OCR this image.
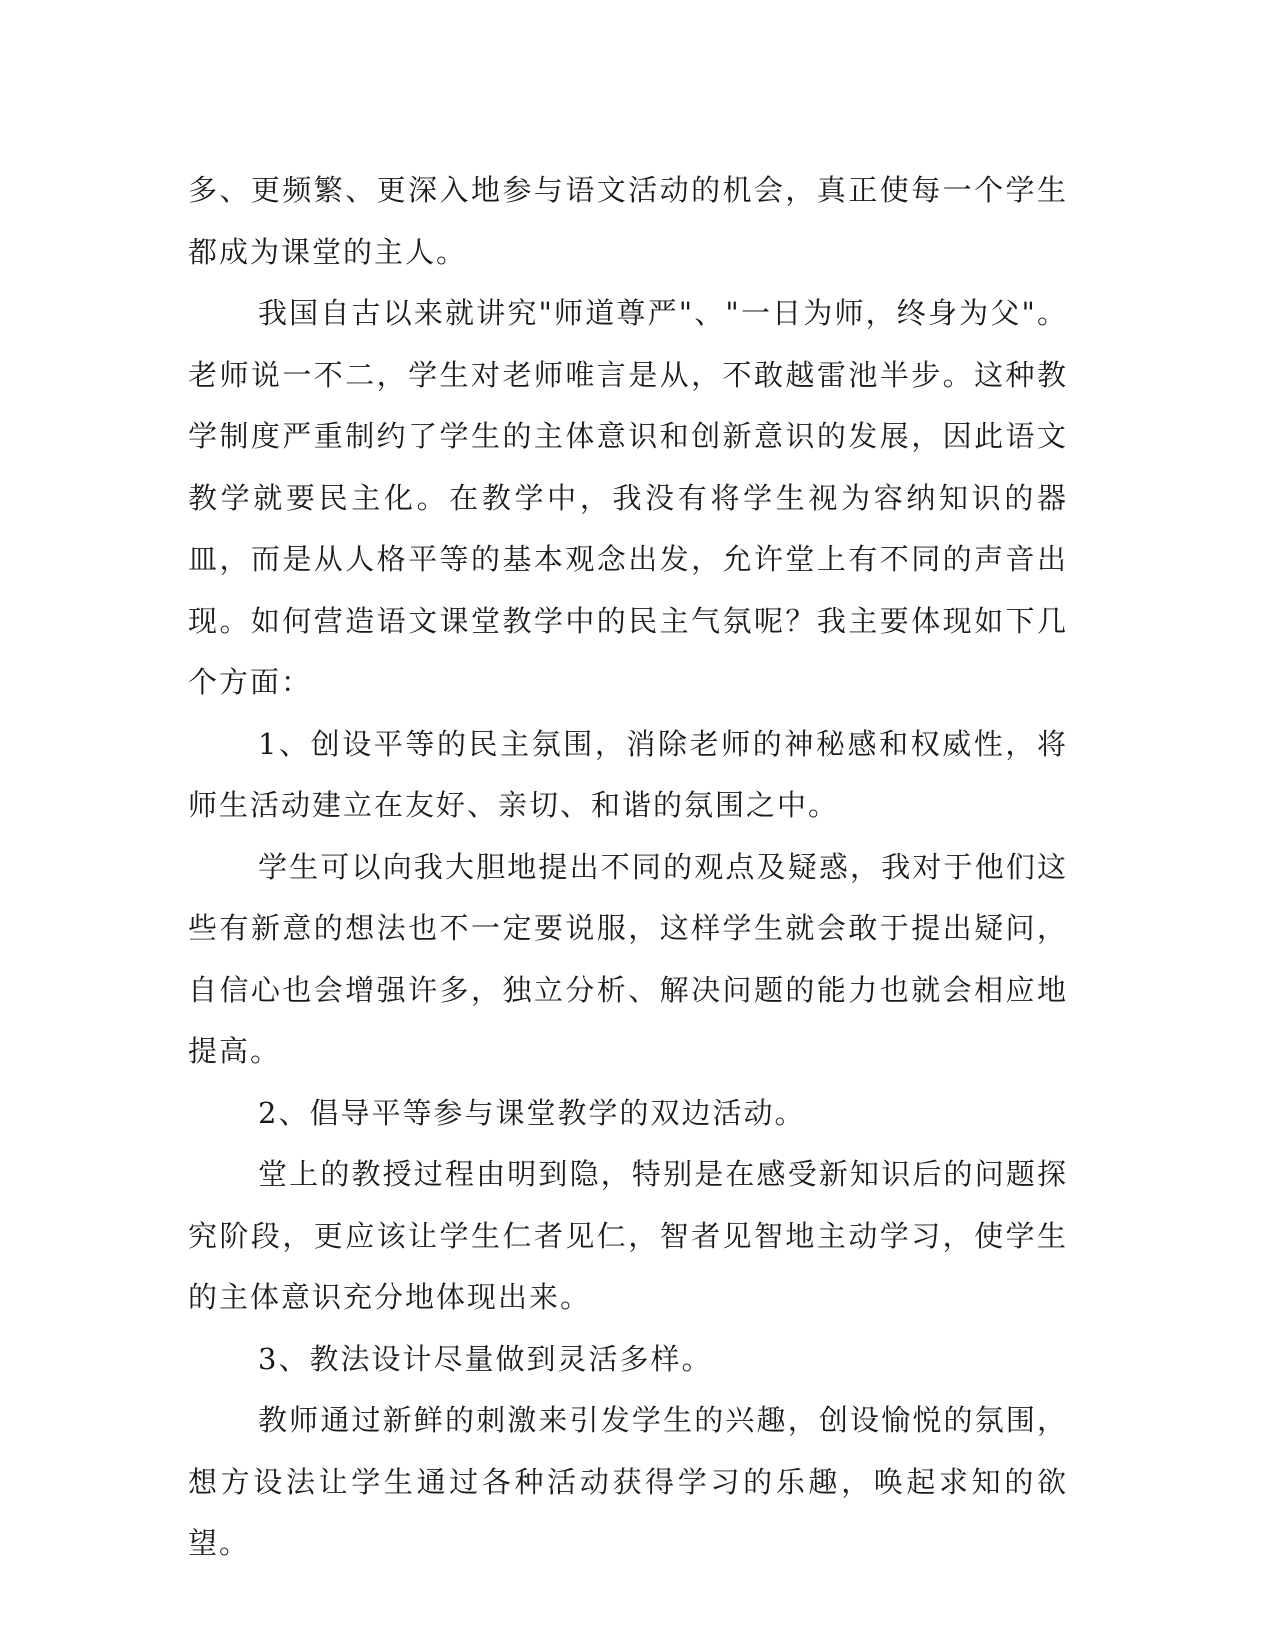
多、更频繁、更深入地参与语文活动的机会，真正使每一个学生都成为课堂的主人。

我国自古以来就讲究"师道尊严"、"一日为师，终身为父"。老师说一不二，学生对老师唯言是从，不敢越雷池半步。这种教学制度严重制约了学生的主体意识和创新意识的发展，因此语文教学就要民主化。在教学中，我没有将学生视为容纳知识的器皿，而是从人格平等的基本观念出发，允许堂上有不同的声音出现。如何营造语文课堂教学中的民主气氛呢？我主要体现如下几个方面：

1、创设平等的民主氛围，消除老师的神秘感和权威性，将师生活动建立在友好、亲切、和谐的氛围之中。

学生可以向我大胆地提出不同的观点及疑惑，我对于他们这些有新意的想法也不一定要说服，这样学生就会敢于提出疑问，自信心也会增强许多，独立分析、解决问题的能力也就会相应地提高。

2、倡导平等参与课堂教学的双边活动。

堂上的教授过程由明到隐，特别是在感受新知识后的问题探究阶段，更应该让学生仁者见仁，智者见智地主动学习，使学生的主体意识充分地体现出来。

3、教法设计尽量做到灵活多样。

教师通过新鲜的刺激来引发学生的兴趣，创设愉悦的氛围，想方设法让学生通过各种活动获得学习的乐趣，唤起求知的欲望。
